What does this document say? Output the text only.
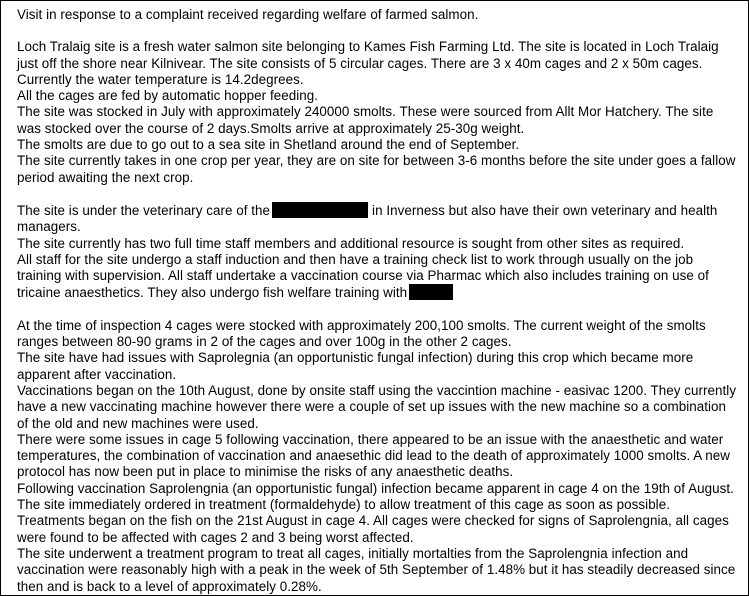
Visit in response to a complaint received regarding welfare of farmed salmon.

Loch Tralaig site is a fresh water salmon site belonging to Kames Fish Farming Ltd. The site is located in Loch Tralaig just off the shore near Kilnivear. The site consists of 5 circular cages. There are 3 x 40m cages and 2 x 50m cages. Currently the water temperature is 14.2degrees.

All the cages are fed by automatic hopper feeding.

The site was stocked in July with approximately 240000 smolts. These were sourced from Allt Mor Hatchery. The site was stocked over the course of 2 days.Smolts arrive at approximately 25-30g weight.

The smolts are due to go out to a sea site in Shetland around the end of September.

The site currently takes in one crop per year, they are on site for between 3-6 months before the site under goes a fallow period awaiting the next crop.

The site is under the veterinary care of the	in Inverness but also have their own veterinary and health managers.

The site currently has two full time staff members and additional resource is sought from other sites as required.

All staff for the site undergo a staff induction and then have a training check list to work through usually on the job training with supervision. All staff undertake a vaccination course via Pharmac which also includes training on use of tricaine anaesthetics. They also undergo fish welfare training with

At the time of inspection 4 cages were stocked with approximately 200,100 smolts. The current weight of the smolts ranges between 80-90 grams in 2 of the cages and over 100g in the other 2 cages.

The site have had issues with Saprolegnia (an opportunistic fungal infection) during this crop which became more apparent after vaccination.

Vaccinations began on the 10th August, done by onsite staff using the vaccintion machine - easivac 1200. They currently have a new vaccinating machine however there were a couple of set up issues with the new machine so a combination of the old and new machines were used.

There were some issues in cage 5 following vaccination, there appeared to be an issue with the anaesthetic and water temperatures, the combination of vaccination and anaesethic did lead to the death of approximately 1000 smolts. A new protocol has now been put in place to minimise the risks of any anaesthetic deaths.

Following vaccination Saprolengnia (an opportunistic fungal) infection became apparent in cage 4 on the 19th of August. The site immediately ordered in treatment (formaldehyde) to allow treatment of this cage as soon as possible. Treatments began on the fish on the 21st August in cage 4. All cages were checked for signs of Saprolengnia, all cages were found to be affected with cages 2 and 3 being worst affected.

The site underwent a treatment program to treat all cages, initially mortalties from the Saprolengnia infection and vaccination were reasonably high with a peak in the week of 5th September of 1.48% but it has steadily decreased since then and is back to a level of approximately 0.28%.
